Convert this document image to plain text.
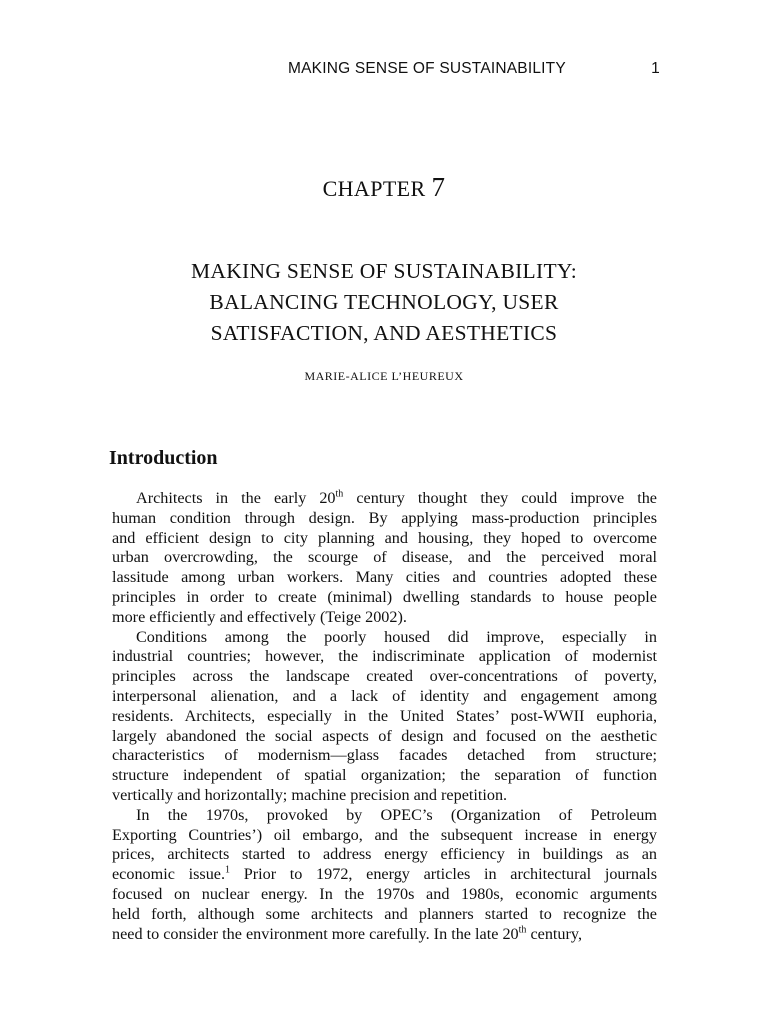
MAKING SENSE OF SUSTAINABILITY	1
CHAPTER 7
MAKING SENSE OF SUSTAINABILITY:
BALANCING TECHNOLOGY, USER
SATISFACTION, AND AESTHETICS
MARIE-ALICE L’HEUREUX
Introduction
Architects in the early 20th century thought they could improve the
human condition through design. By applying mass-production principles
and efficient design to city planning and housing, they hoped to overcome
urban overcrowding, the scourge of disease, and the perceived moral
lassitude among urban workers. Many cities and countries adopted these
principles in order to create (minimal) dwelling standards to house people
more efficiently and effectively (Teige 2002).
Conditions among the poorly housed did improve, especially in
industrial countries; however, the indiscriminate application of modernist
principles across the landscape created over-concentrations of poverty,
interpersonal alienation, and a lack of identity and engagement among
residents. Architects, especially in the United States’ post-WWII euphoria,
largely abandoned the social aspects of design and focused on the aesthetic
characteristics of modernism—glass facades detached from structure;
structure independent of spatial organization; the separation of function
vertically and horizontally; machine precision and repetition.
In the 1970s, provoked by OPEC’s (Organization of Petroleum
Exporting Countries’) oil embargo, and the subsequent increase in energy
prices, architects started to address energy efficiency in buildings as an
economic issue.$^1$ Prior to 1972, energy articles in architectural journals
focused on nuclear energy. In the 1970s and 1980s, economic arguments
held forth, although some architects and planners started to recognize the
need to consider the environment more carefully. In the late 20th century,
